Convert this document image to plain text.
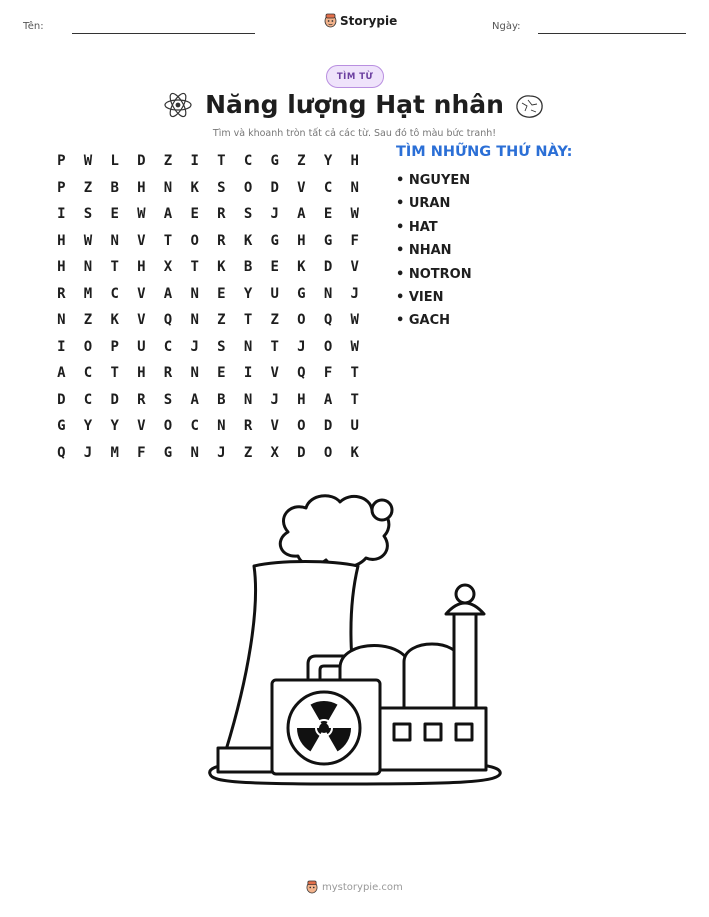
Tên:	Storypie	Ngày:
TÌM TỪ
Năng lượng Hạt nhân
Tìm và khoanh tròn tất cả các từ. Sau đó tô màu bức tranh!
P	W	L	D	Z	I	T	C	G	Z	Y	H
P	Z	B	H	N	K	S	O	D	V	C	N
I	S	E	W	A	E	R	S	J	A	E	W
H	W	N	V	T	O	R	K	G	H	G	F
H	N	T	H	X	T	K	B	E	K	D	V
R	M	C	V	A	N	E	Y	U	G	N	J
N	Z	K	V	Q	N	Z	T	Z	O	Q	W
I	O	P	U	C	J	S	N	T	J	O	W
A	C	T	H	R	N	E	I	V	Q	F	T
D	C	D	R	S	A	B	N	J	H	A	T
G	Y	Y	V	O	C	N	R	V	O	D	U
Q	J	M	F	G	N	J	Z	X	D	O	K
TÌM NHỮNG THỨ NÀY:
• NGUYEN
• URAN
• HAT
• NHAN
• NOTRON
• VIEN
• GACH
mystorypie.com
